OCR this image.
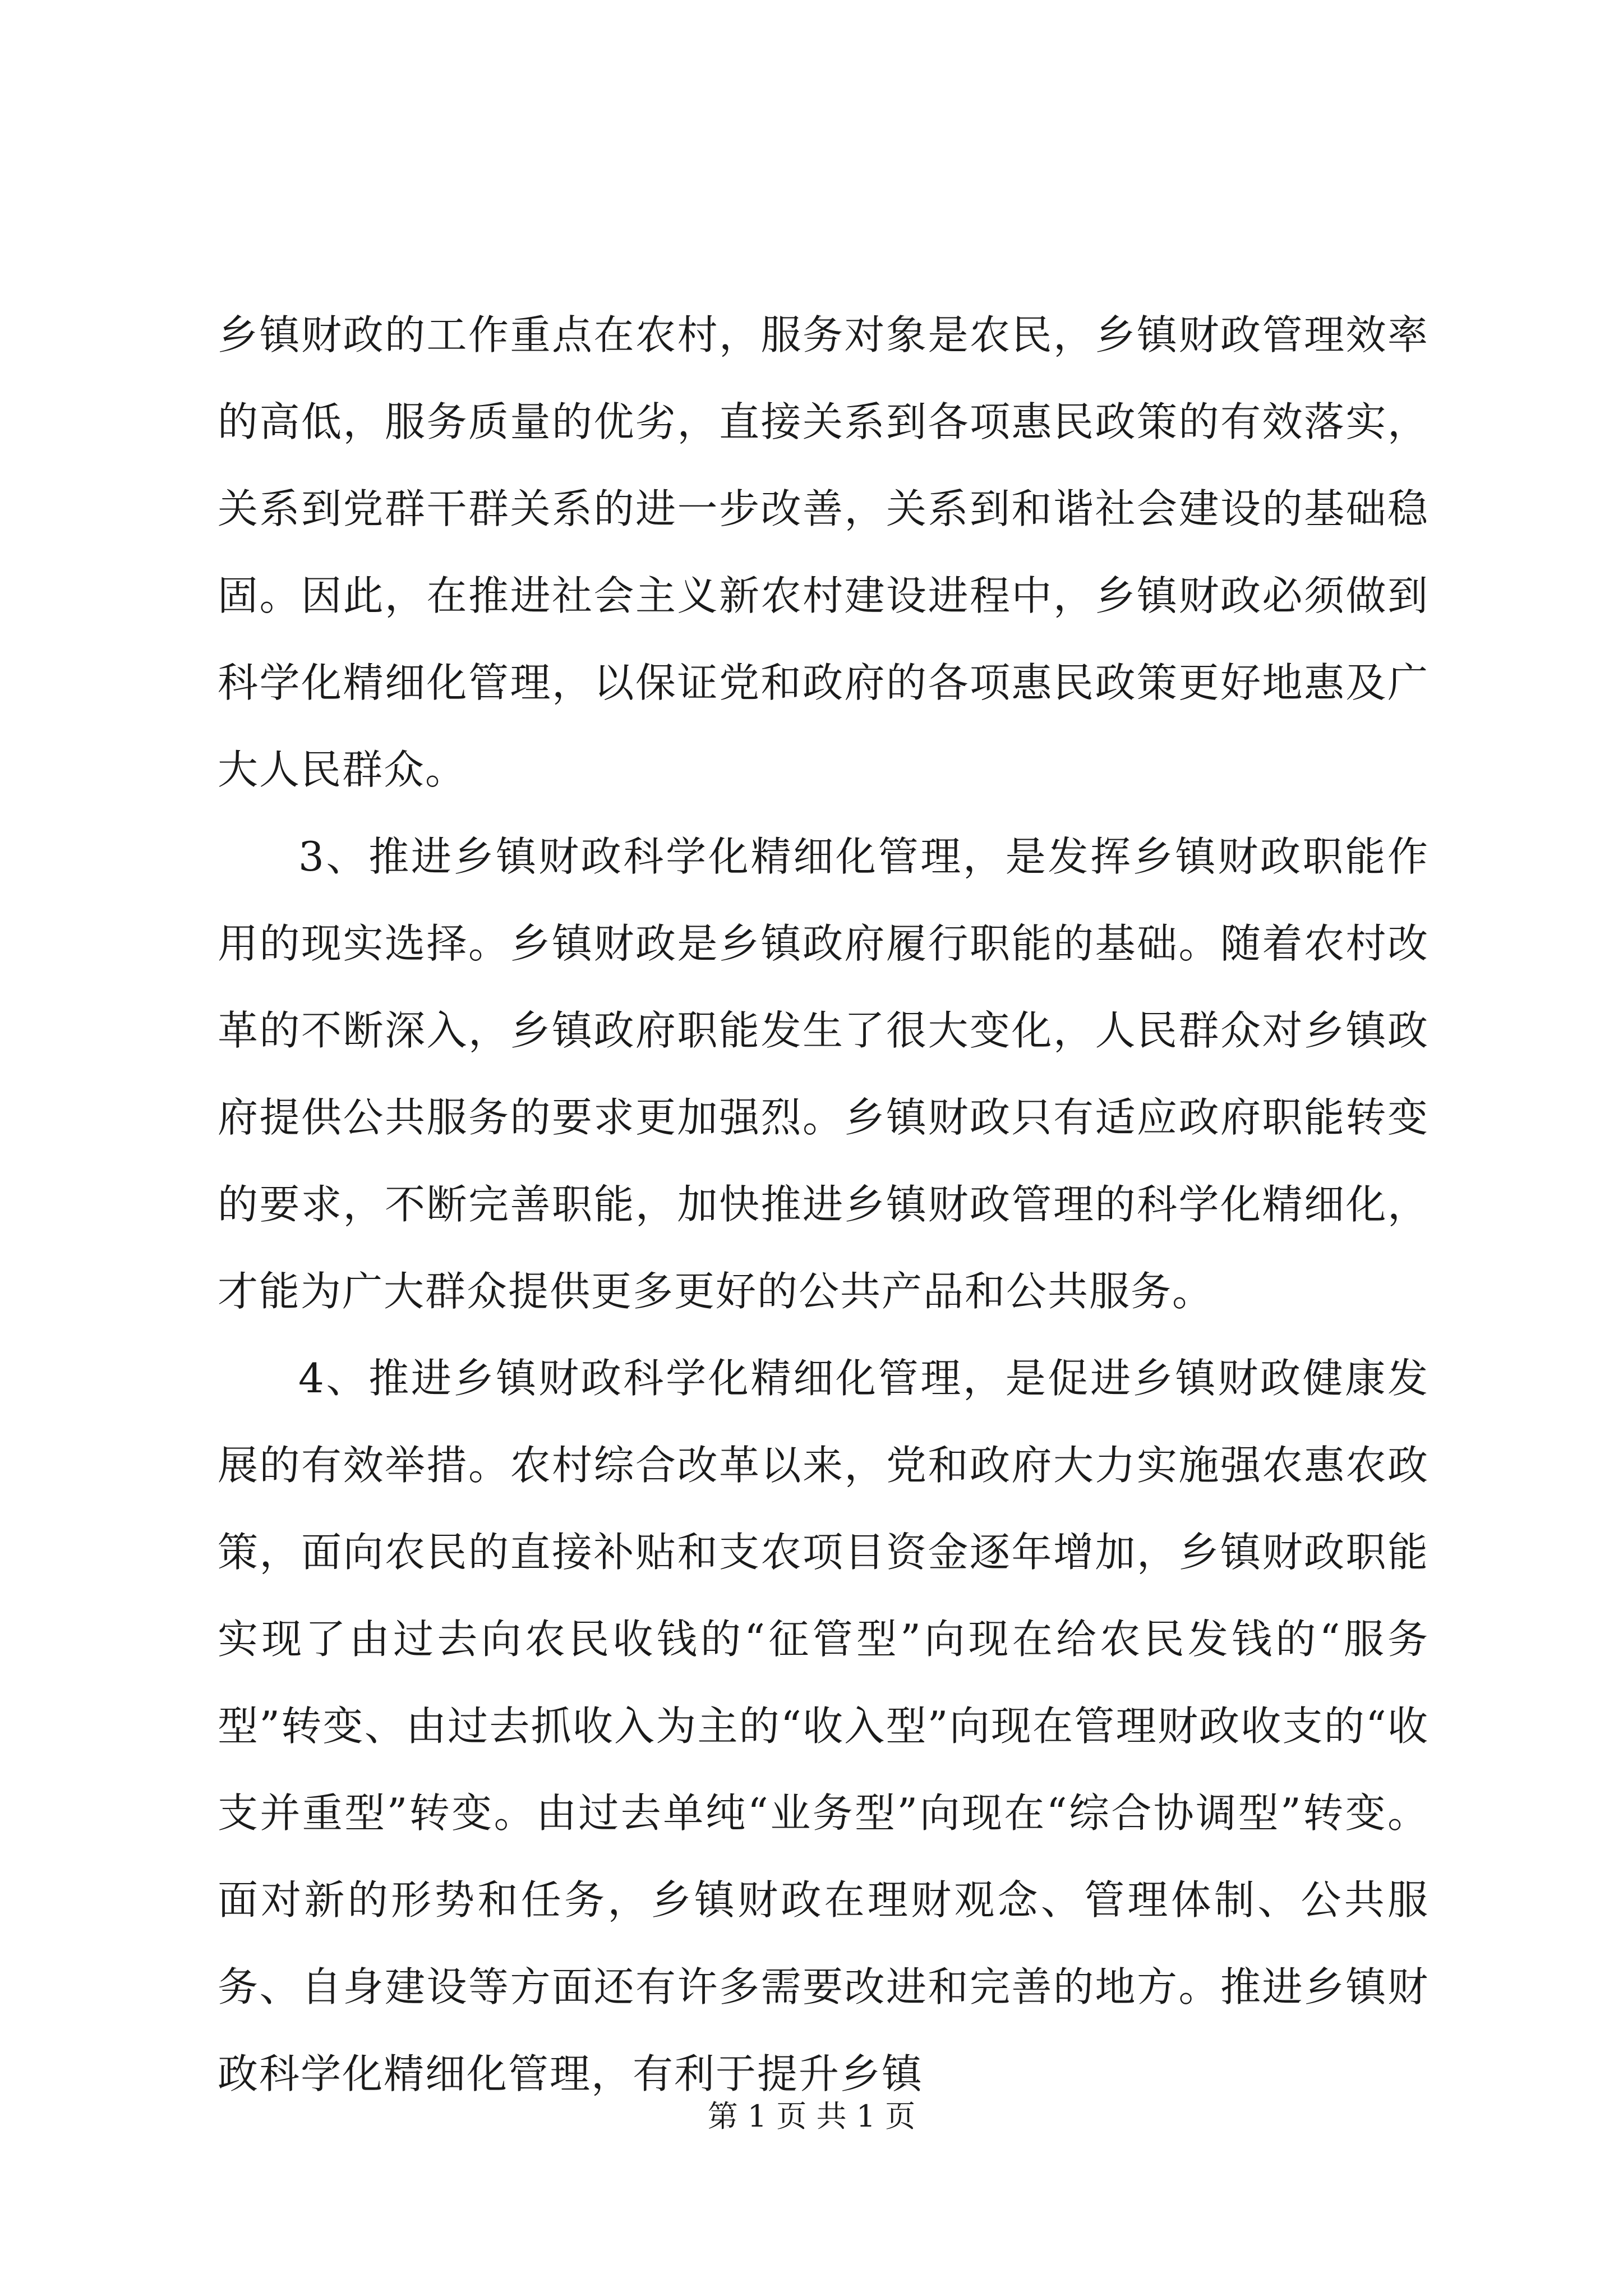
乡镇财政的工作重点在农村，服务对象是农民，乡镇财政管理效率的高低，服务质量的优劣，直接关系到各项惠民政策的有效落实，关系到党群干群关系的进一步改善，关系到和谐社会建设的基础稳固。因此，在推进社会主义新农村建设进程中，乡镇财政必须做到科学化精细化管理，以保证党和政府的各项惠民政策更好地惠及广大人民群众。

3、推进乡镇财政科学化精细化管理，是发挥乡镇财政职能作用的现实选择。乡镇财政是乡镇政府履行职能的基础。随着农村改革的不断深入，乡镇政府职能发生了很大变化，人民群众对乡镇政府提供公共服务的要求更加强烈。乡镇财政只有适应政府职能转变的要求，不断完善职能，加快推进乡镇财政管理的科学化精细化，才能为广大群众提供更多更好的公共产品和公共服务。

4、推进乡镇财政科学化精细化管理，是促进乡镇财政健康发展的有效举措。农村综合改革以来，党和政府大力实施强农惠农政策，面向农民的直接补贴和支农项目资金逐年增加，乡镇财政职能实现了由过去向农民收钱的“征管型”向现在给农民发钱的“服务型”转变、由过去抓收入为主的“收入型”向现在管理财政收支的“收支并重型”转变。由过去单纯“业务型”向现在“综合协调型”转变。面对新的形势和任务，乡镇财政在理财观念、管理体制、公共服务、自身建设等方面还有许多需要改进和完善的地方。推进乡镇财政科学化精细化管理，有利于提升乡镇

第 1 页 共 1 页
